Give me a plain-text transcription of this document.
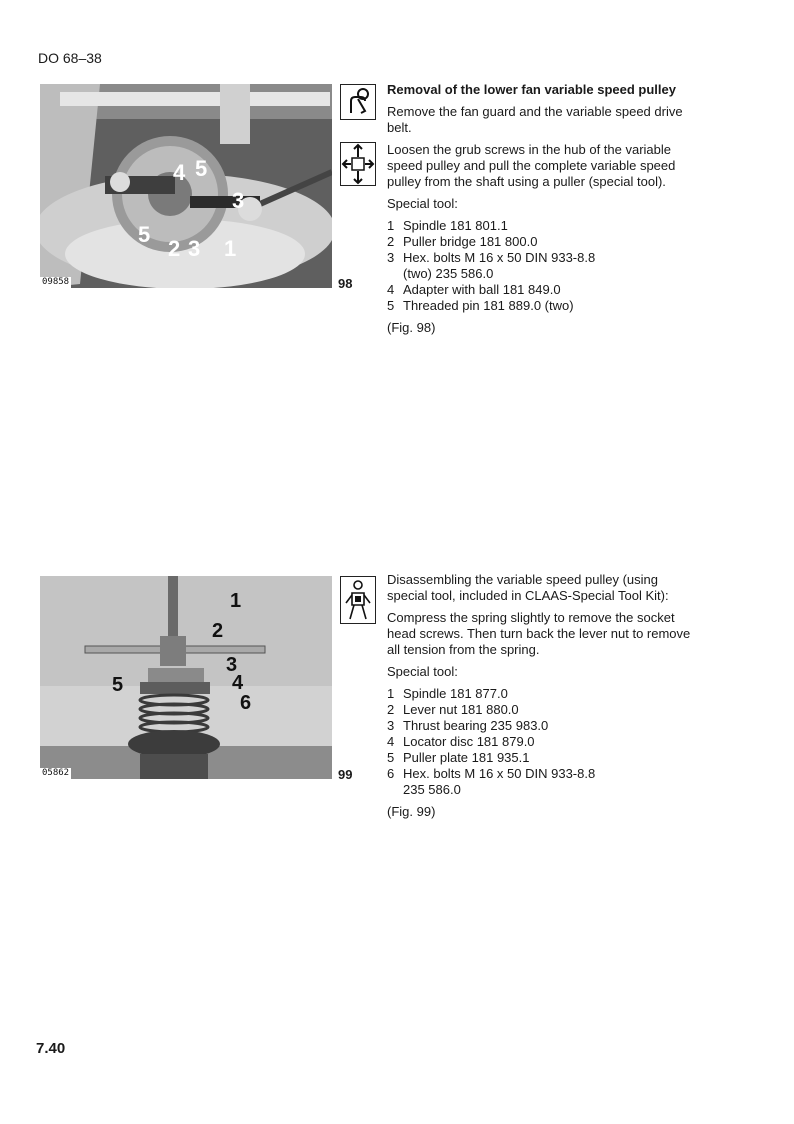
DO 68–38
4 5
3
5
2 3 1
09858	98

Removal of the lower fan variable speed pulley

Remove the fan guard and the variable speed drive belt.

Loosen the grub screws in the hub of the variable speed pulley and pull the complete variable speed pulley from the shaft using a puller (special tool).

Special tool:

1 Spindle 181 801.1
2 Puller bridge 181 800.0
3 Hex. bolts M 16 x 50 DIN 933-8.8 (two) 235 586.0
4 Adapter with ball 181 849.0
5 Threaded pin 181 889.0 (two)

(Fig. 98)

1
2
3
4
5
6
05862	99

Disassembling the variable speed pulley (using special tool, included in CLAAS-Special Tool Kit):

Compress the spring slightly to remove the socket head screws. Then turn back the lever nut to remove all tension from the spring.

Special tool:

1 Spindle 181 877.0
2 Lever nut 181 880.0
3 Thrust bearing 235 983.0
4 Locator disc 181 879.0
5 Puller plate 181 935.1
6 Hex. bolts M 16 x 50 DIN 933-8.8 235 586.0

(Fig. 99)

7.40
